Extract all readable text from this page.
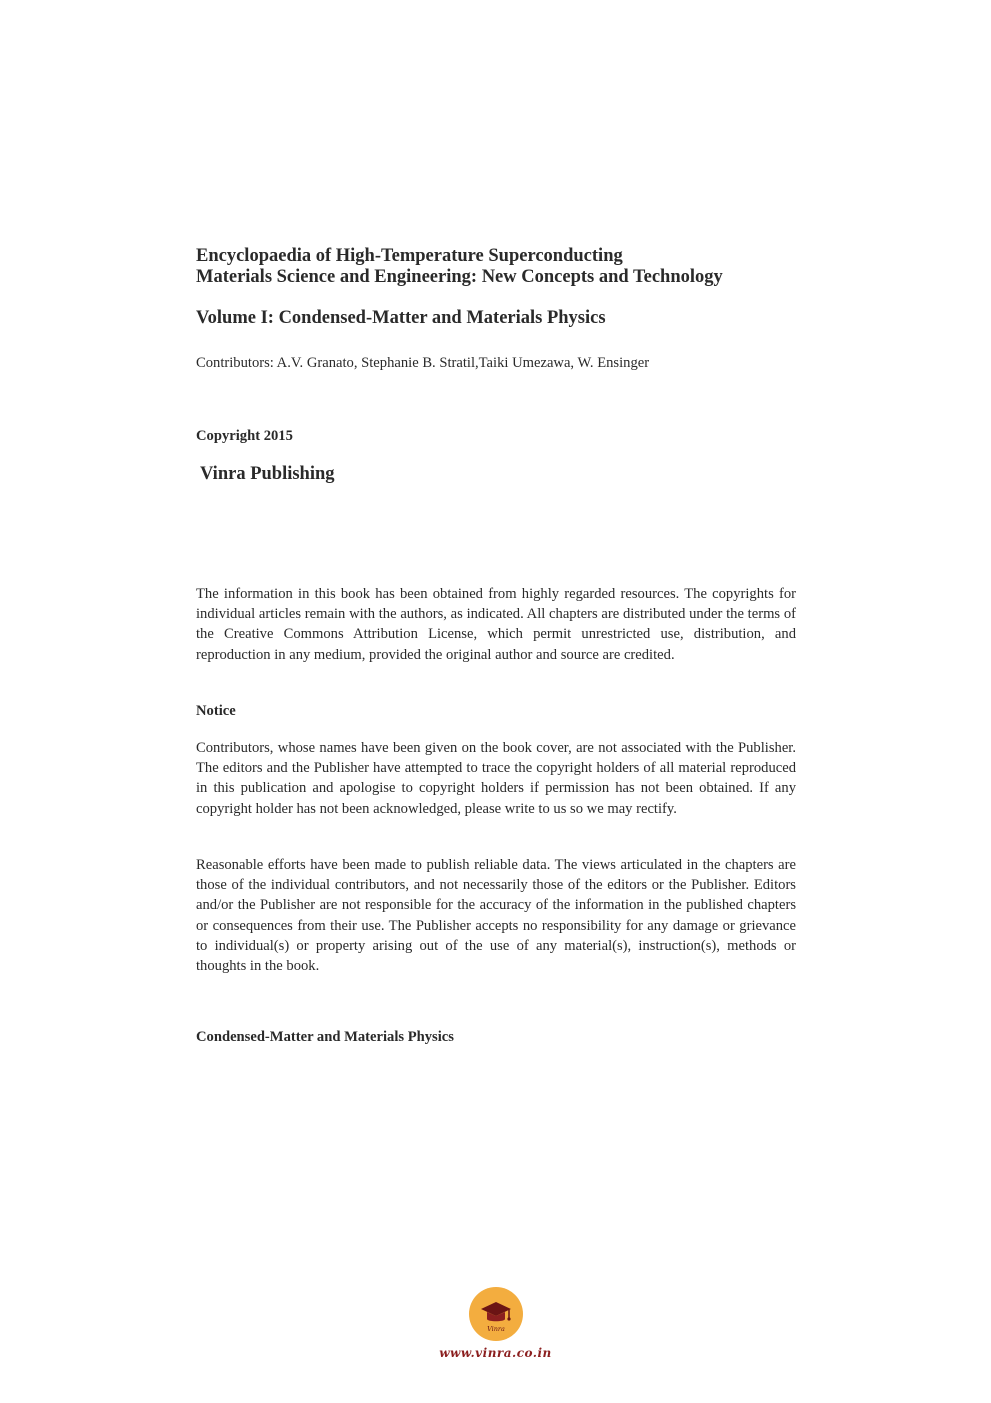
Encyclopaedia of High-Temperature Superconducting

Materials Science and Engineering: New Concepts and Technology

Volume I: Condensed-Matter and Materials Physics
Contributors: A.V. Granato, Stephanie B. Stratil,Taiki Umezawa, W. Ensinger
Copyright 2015
Vinra Publishing
The information in this book has been obtained from highly regarded resources. The copyrights for individual articles remain with the authors, as indicated. All chapters are distributed under the terms of the Creative Commons Attribution License, which permit unrestricted use, distribution, and reproduction in any medium, provided the original author and source are credited.
Notice
Contributors, whose names have been given on the book cover, are not associated with the Publisher. The editors and the Publisher have attempted to trace the copyright holders of all material reproduced in this publication and apologise to copyright holders if permission has not been obtained. If any copyright holder has not been acknowledged, please write to us so we may rectify.
Reasonable efforts have been made to publish reliable data. The views articulated in the chapters are those of the individual contributors, and not necessarily those of the editors or the Publisher. Editors and/or the Publisher are not responsible for the accuracy of the information in the published chapters or consequences from their use. The Publisher accepts no responsibility for any damage or grievance to individual(s) or property arising out of the use of any material(s), instruction(s), methods or thoughts in the book.
Condensed-Matter and Materials Physics
Vinra
www.vinra.co.in
